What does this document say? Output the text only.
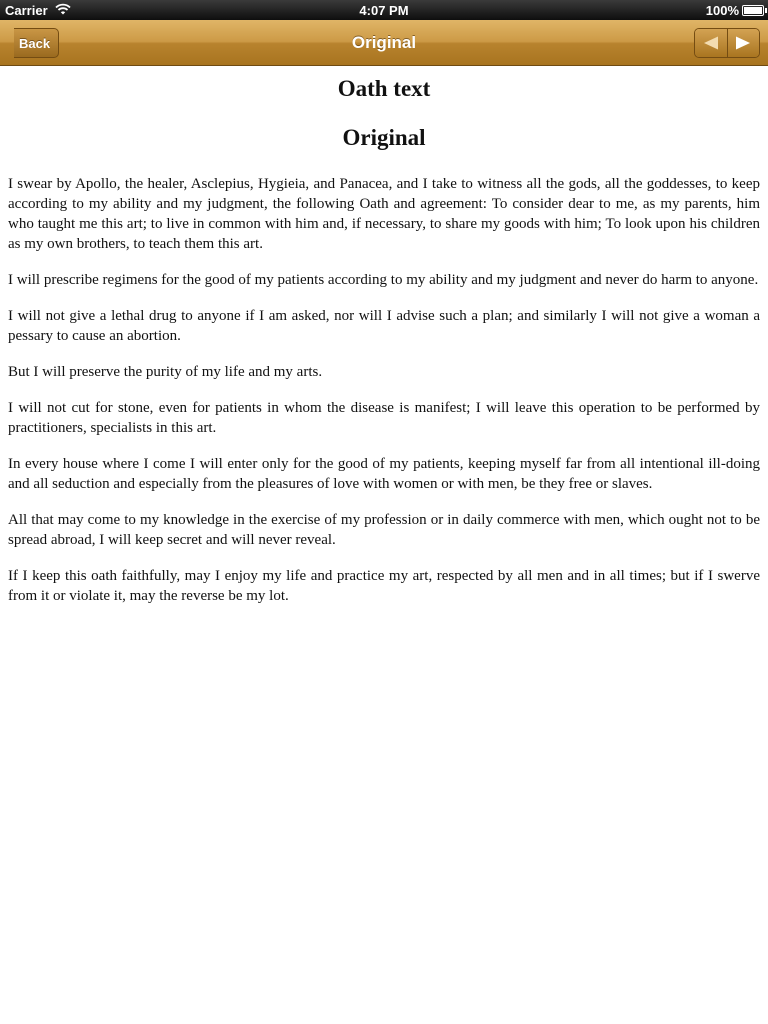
Carrier	4:07 PM	100%
Back	Original
Oath text
Original

I swear by Apollo, the healer, Asclepius, Hygieia, and Panacea, and I take to witness all the gods, all the goddesses, to keep according to my ability and my judgment, the following Oath and agreement: To consider dear to me, as my parents, him who taught me this art; to live in common with him and, if necessary, to share my goods with him; To look upon his children as my own brothers, to teach them this art.

I will prescribe regimens for the good of my patients according to my ability and my judgment and never do harm to anyone.

I will not give a lethal drug to anyone if I am asked, nor will I advise such a plan; and similarly I will not give a woman a pessary to cause an abortion.

But I will preserve the purity of my life and my arts.

I will not cut for stone, even for patients in whom the disease is manifest; I will leave this operation to be performed by practitioners, specialists in this art.

In every house where I come I will enter only for the good of my patients, keeping myself far from all intentional ill-doing and all seduction and especially from the pleasures of love with women or with men, be they free or slaves.

All that may come to my knowledge in the exercise of my profession or in daily commerce with men, which ought not to be spread abroad, I will keep secret and will never reveal.

If I keep this oath faithfully, may I enjoy my life and practice my art, respected by all men and in all times; but if I swerve from it or violate it, may the reverse be my lot.
